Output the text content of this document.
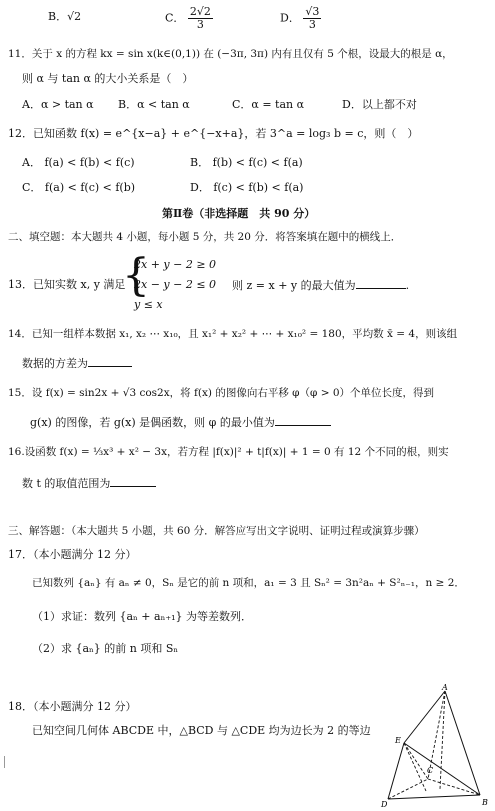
B．√2	C． $\frac{2√2}{3}$	D． $\frac{√3}{3}$
11．关于 x 的方程 kx = sin x(k∈(0,1)) 在 (−3π, 3π) 内有且仅有 5 个根，设最大的根是 α，
则 α 与 tan α 的大小关系是（　）
A．α > tan α B．α < tan α	C．α = tan α	D．以上都不对
12．已知函数 f(x) = e^{x−a} + e^{−x+a}，若 3^a = log₃ b = c，则（　）
A． f(a) < f(b) < f(c)	B． f(b) < f(c) < f(a)
C． f(a) < f(c) < f(b)	D． f(c) < f(b) < f(a)
第Ⅱ卷（非选择题　共 90 分）
二、填空题：本大题共 4 小题，每小题 5 分，共 20 分．将答案填在题中的横线上．
13．已知实数 x, y 满足
{
2x + y − 2 ≥ 0
2x − y − 2 ≤ 0
y ≤ x
则 z = x + y 的最大值为	.
14．已知一组样本数据 x₁, x₂ ⋯ x₁₀，且 x₁² + x₂² + ⋯ + x₁₀² = 180，平均数 x̄ = 4，则该组
数据的方差为
15．设 f(x) = sin2x + √3 cos2x，将 f(x) 的图像向右平移 φ（φ > 0）个单位长度，得到
g(x) 的图像，若 g(x) 是偶函数，则 φ 的最小值为
16.设函数 f(x) = ⅓x³ + x² − 3x，若方程 |f(x)|² + t|f(x)| + 1 = 0 有 12 个不同的根，则实
数 t 的取值范围为
三、解答题：（本大题共 5 小题，共 60 分．解答应写出文字说明、证明过程或演算步骤）
17．（本小题满分 12 分）
已知数列 {aₙ} 有 aₙ ≠ 0，Sₙ 是它的前 n 项和，a₁ = 3 且 Sₙ² = 3n²aₙ + S²ₙ₋₁，n ≥ 2．
（1）求证：数列 {aₙ + aₙ₊₁} 为等差数列．
（2）求 {aₙ} 的前 n 项和 Sₙ
18．（本小题满分 12 分）
已知空间几何体 ABCDE 中，△BCD 与 △CDE 均为边长为 2 的等边
A
B
C
D
E
